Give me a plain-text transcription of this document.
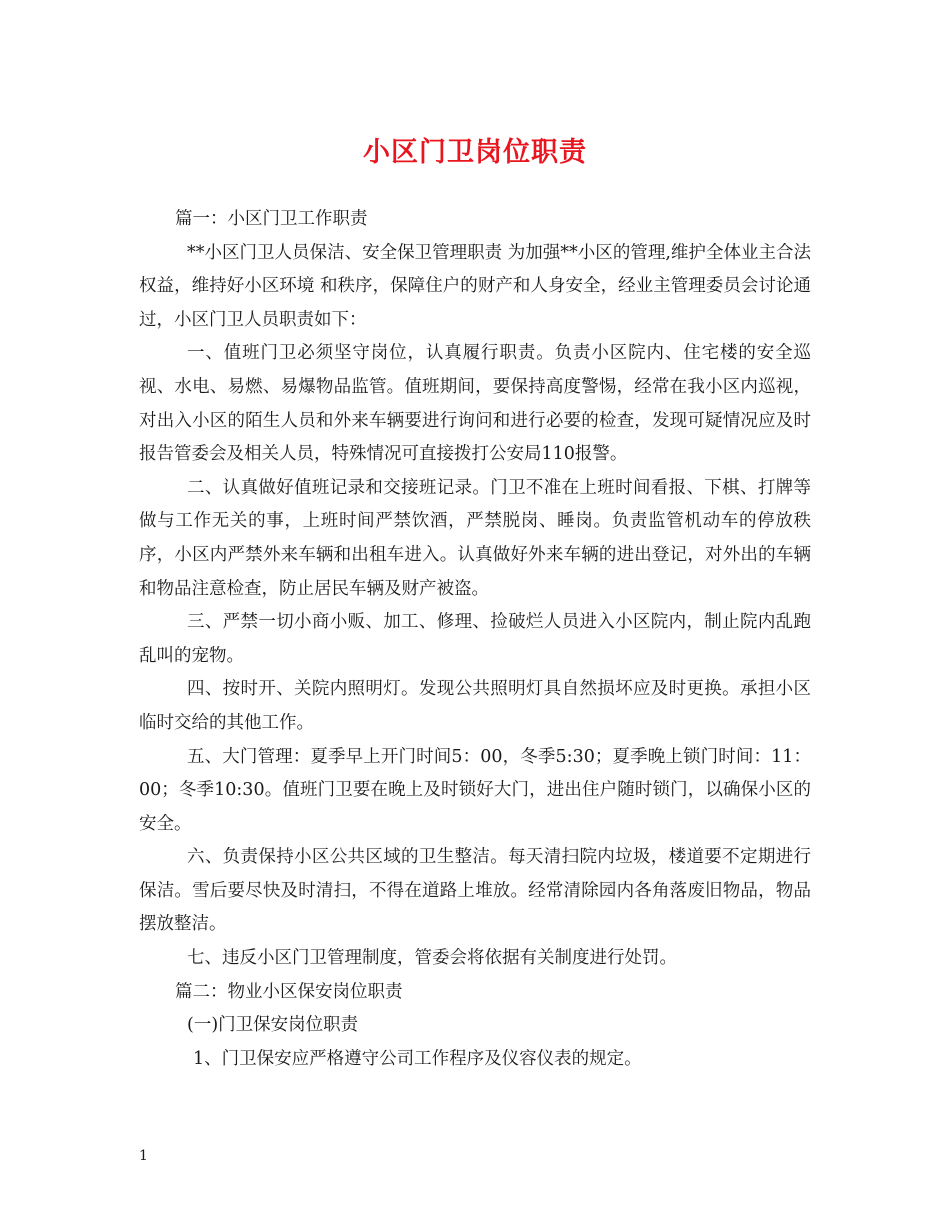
小区门卫岗位职责

篇一：小区门卫工作职责

**小区门卫人员保洁、安全保卫管理职责 为加强**小区的管理,维护全体业主合法权益，维持好小区环境 和秩序，保障住户的财产和人身安全，经业主管理委员会讨论通过，小区门卫人员职责如下：

一、值班门卫必须坚守岗位，认真履行职责。负责小区院内、住宅楼的安全巡视、水电、易燃、易爆物品监管。值班期间，要保持高度警惕，经常在我小区内巡视，对出入小区的陌生人员和外来车辆要进行询问和进行必要的检查，发现可疑情况应及时报告管委会及相关人员，特殊情况可直接拨打公安局110报警。

二、认真做好值班记录和交接班记录。门卫不准在上班时间看报、下棋、打牌等做与工作无关的事，上班时间严禁饮酒，严禁脱岗、睡岗。负责监管机动车的停放秩序，小区内严禁外来车辆和出租车进入。认真做好外来车辆的进出登记，对外出的车辆和物品注意检查，防止居民车辆及财产被盗。

三、严禁一切小商小贩、加工、修理、捡破烂人员进入小区院内，制止院内乱跑乱叫的宠物。

四、按时开、关院内照明灯。发现公共照明灯具自然损坏应及时更换。承担小区临时交给的其他工作。

五、大门管理：夏季早上开门时间5：00，冬季5:30；夏季晚上锁门时间：11：00；冬季10:30。值班门卫要在晚上及时锁好大门，进出住户随时锁门，以确保小区的安全。

六、负责保持小区公共区域的卫生整洁。每天清扫院内垃圾，楼道要不定期进行保洁。雪后要尽快及时清扫，不得在道路上堆放。经常清除园内各角落废旧物品，物品摆放整洁。

七、违反小区门卫管理制度，管委会将依据有关制度进行处罚。

篇二：物业小区保安岗位职责

(一)门卫保安岗位职责

1、门卫保安应严格遵守公司工作程序及仪容仪表的规定。

1
